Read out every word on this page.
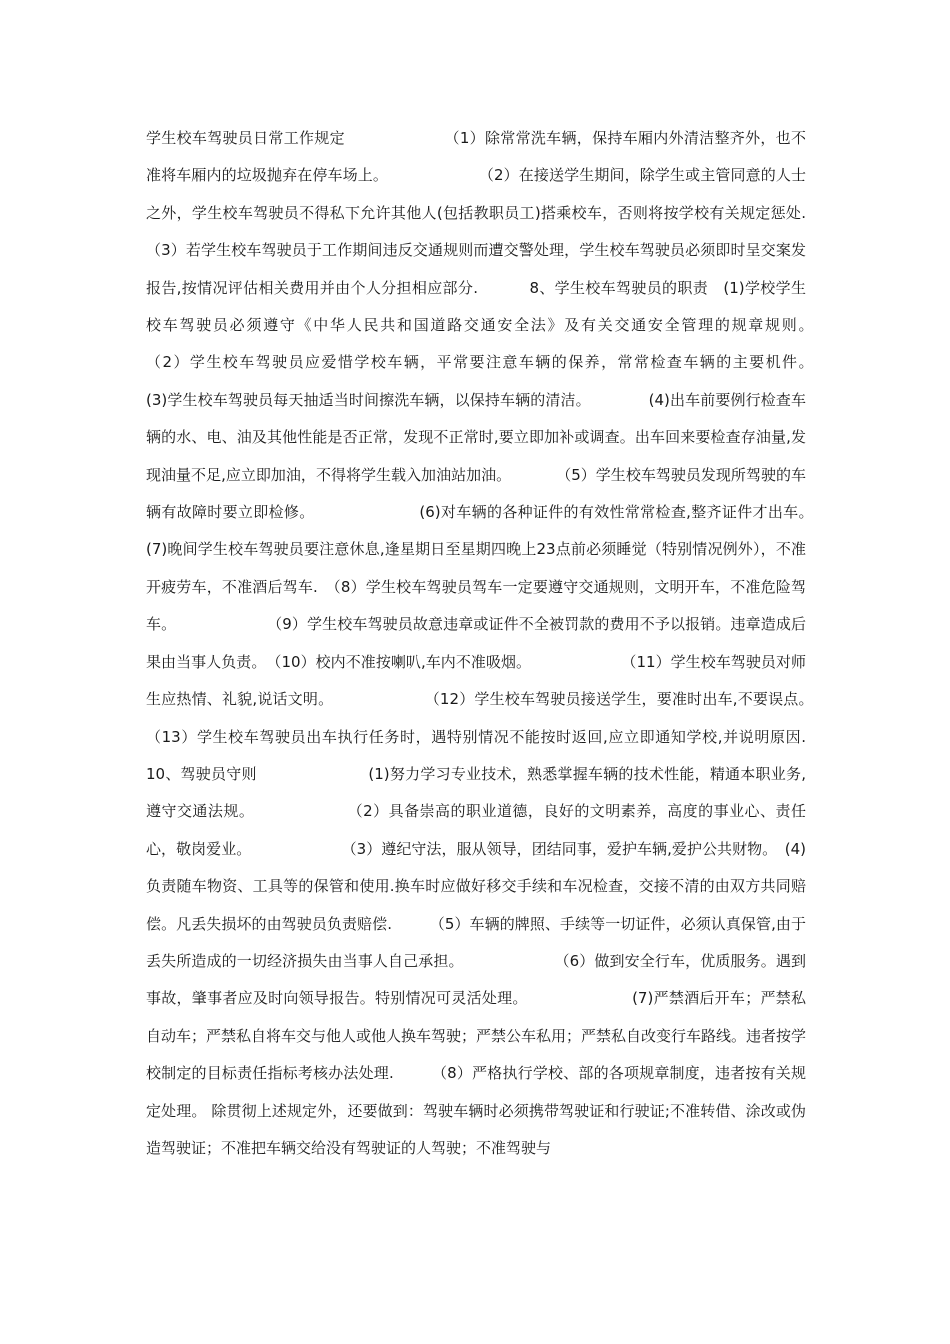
学生校车驾驶员日常工作规定　　　　　　　（1）除常常洗车辆，保持车厢内外清洁整齐外，也不准将车厢内的垃圾抛弃在停车场上。　　　　　　　（2）在接送学生期间，除学生或主管同意的人士之外，学生校车驾驶员不得私下允许其他人(包括教职员工)搭乘校车，否则将按学校有关规定惩处.　　　（3）若学生校车驾驶员于工作期间违反交通规则而遭交警处理，学生校车驾驶员必须即时呈交案发报告,按情况评估相关费用并由个人分担相应部分.　　　 8、学生校车驾驶员的职责　(1)学校学生校车驾驶员必须遵守《中华人民共和国道路交通安全法》及有关交通安全管理的规章规则。　　　　　　　（2）学生校车驾驶员应爱惜学校车辆，平常要注意车辆的保养，常常检查车辆的主要机件。　　　　　　　 (3)学生校车驾驶员每天抽适当时间擦洗车辆，以保持车辆的清洁。　　　　 (4)出车前要例行检查车辆的水、电、油及其他性能是否正常，发现不正常时,要立即加补或调查。出车回来要检查存油量,发现油量不足,应立即加油，不得将学生载入加油站加油。　　　　（5）学生校车驾驶员发现所驾驶的车辆有故障时要立即检修。　　　　　　　 (6)对车辆的各种证件的有效性常常检查,整齐证件才出车。　　　　　　　 (7)晚间学生校车驾驶员要注意休息,逢星期日至星期四晚上23点前必须睡觉（特别情况例外），不准开疲劳车，不准酒后驾车.　（8）学生校车驾驶员驾车一定要遵守交通规则，文明开车，不准危险驾车。　　　　　　　（9）学生校车驾驶员故意违章或证件不全被罚款的费用不予以报销。违章造成后果由当事人负责。　（10）校内不准按喇叭,车内不准吸烟。　　　　　　　（11）学生校车驾驶员对师生应热情、礼貌,说话文明。　　　　　　　（12）学生校车驾驶员接送学生，要准时出车,不要误点。　　　　　　　（13）学生校车驾驶员出车执行任务时，遇特别情况不能按时返回,应立即通知学校,并说明原因.　　　　　 10、驾驶员守则　　　　　　　 (1)努力学习专业技术，熟悉掌握车辆的技术性能，精通本职业务,遵守交通法规。　　　　　　　（2）具备崇高的职业道德，良好的文明素养，高度的事业心、责任心，敬岗爱业。　　　　　　　（3）遵纪守法，服从领导，团结同事，爱护车辆,爱护公共财物。　(4)负责随车物资、工具等的保管和使用.换车时应做好移交手续和车况检查，交接不清的由双方共同赔偿。凡丢失损坏的由驾驶员负责赔偿.　　　（5）车辆的牌照、手续等一切证件，必须认真保管,由于丢失所造成的一切经济损失由当事人自己承担。　　　　　　　（6）做到安全行车，优质服务。遇到事故，肇事者应及时向领导报告。特别情况可灵活处理。　　　　　　　 (7)严禁酒后开车；严禁私自动车；严禁私自将车交与他人或他人换车驾驶；严禁公车私用；严禁私自改变行车路线。违者按学校制定的目标责任指标考核办法处理.　　　（8）严格执行学校、部的各项规章制度，违者按有关规定处理。 除贯彻上述规定外，还要做到：驾驶车辆时必须携带驾驶证和行驶证;不准转借、涂改或伪造驾驶证；不准把车辆交给没有驾驶证的人驾驶；不准驾驶与
